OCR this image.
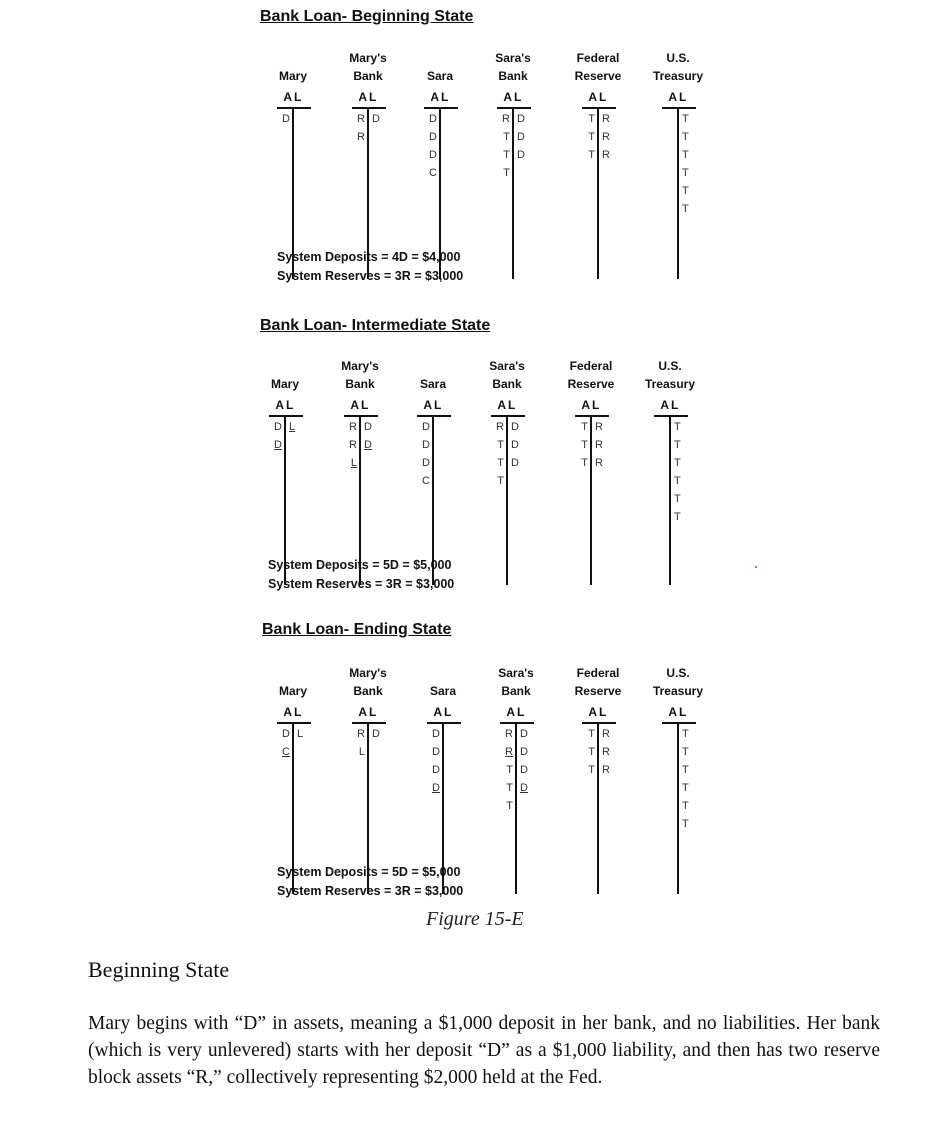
Bank Loan- Beginning State
Mary
A L
D
Mary's
Bank
A L
R
R
D
Sara
A L
D
D
D
C
Sara's
Bank
A L
R
T
T
T
D
D
D
Federal
Reserve
A L
T
T
T
R
R
R
U.S.
Treasury
A L
T
T
T
T
T
T
System Deposits = 4D = $4,000
System Reserves = 3R = $3,000
Bank Loan- Intermediate State
Mary
A L
D
D
L
Mary's
Bank
A L
R
R
L
D
D
Sara
A L
D
D
D
C
Sara's
Bank
A L
R
T
T
T
D
D
D
Federal
Reserve
A L
T
T
T
R
R
R
U.S.
Treasury
A L
T
T
T
T
T
T
System Deposits = 5D = $5,000
System Reserves = 3R = $3,000
Bank Loan- Ending State
Mary
A L
D
C
L
Mary's
Bank
A L
R
L
D
Sara
A L
D
D
D
D
Sara's
Bank
A L
R
R
T
T
T
D
D
D
D
Federal
Reserve
A L
T
T
T
R
R
R
U.S.
Treasury
A L
T
T
T
T
T
T
System Deposits = 5D = $5,000
System Reserves = 3R = $3,000
Figure 15-E
Beginning State

Mary begins with “D” in assets, meaning a $1,000 deposit in her bank, and no liabilities. Her bank (which is very unlevered) starts with her deposit “D” as a $1,000 liability, and then has two reserve block assets “R,” collectively representing $2,000 held at the Fed.
